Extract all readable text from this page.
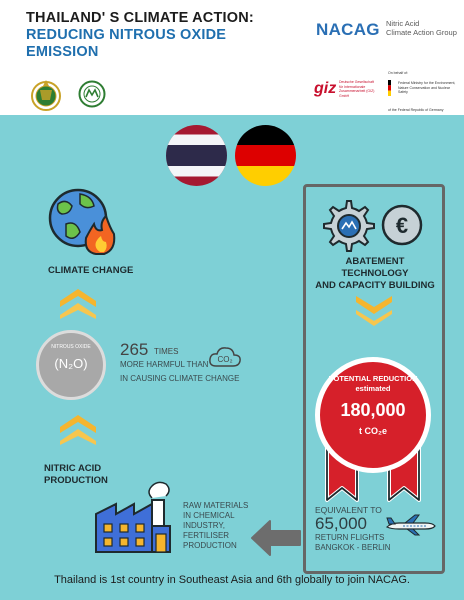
THAILAND' S CLIMATE ACTION:
REDUCING NITROUS OXIDE
EMISSION
NACAG Nitric Acid
Climate Action Group
giz Deutsche Gesellschaft für Internationale Zusammenarbeit (GIZ) GmbH
On behalf of:
Federal Ministry for the Environment, Nature Conservation and Nuclear Safety
of the Federal Republic of Germany
CLIMATE CHANGE
NITROUS OXIDE
(N₂O)
265 TIMES
MORE HARMFUL THAN
IN CAUSING CLIMATE CHANGE
CO₂
NITRIC ACID
PRODUCTION
RAW MATERIALS
IN CHEMICAL
INDUSTRY,
FERTILISER
PRODUCTION
€
ABATEMENT TECHNOLOGY
AND CAPACITY BUILDING
POTENTIAL REDUCTION
estimated
180,000
t CO₂e
EQUIVALENT TO
65,000
RETURN FLIGHTS
BANGKOK - BERLIN
Thailand is 1st country in Southeast Asia and 6th globally to join NACAG.
